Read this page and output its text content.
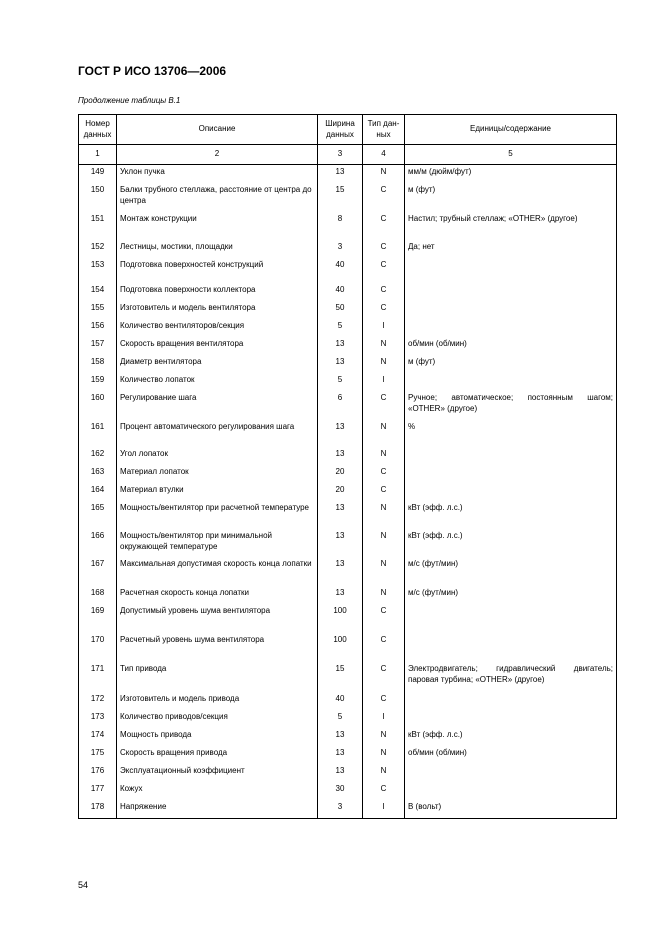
ГОСТ Р ИСО 13706—2006
Продолжение таблицы В.1
Номер данных	Описание	Ширина данных	Тип данных	Единицы/содержание
1	2	3	4	5
149	Уклон пучка	13	N	мм/м (дюйм/фут)
150	Балки трубного стеллажа, расстояние от центра до центра	15	C	м (фут)
151	Монтаж конструкции	8	C	Настил; трубный стеллаж; «OTHER» (другое)
152	Лестницы, мостики, площадки	3	C	Да; нет
153	Подготовка поверхностей конструкций	40	C	
154	Подготовка поверхности коллектора	40	C	
155	Изготовитель и модель вентилятора	50	C	
156	Количество вентиляторов/секция	5	I	
157	Скорость вращения вентилятора	13	N	об/мин (об/мин)
158	Диаметр вентилятора	13	N	м (фут)
159	Количество лопаток	5	I	
160	Регулирование шага	6	C	Ручное; автоматическое; постоянным шагом; «OTHER» (другое)
161	Процент автоматического регулирования шага	13	N	%
162	Угол лопаток	13	N	
163	Материал лопаток	20	C	
164	Материал втулки	20	C	
165	Мощность/вентилятор при расчетной температуре	13	N	кВт (эфф. л.с.)
166	Мощность/вентилятор при минимальной окружающей температуре	13	N	кВт (эфф. л.с.)
167	Максимальная допустимая скорость конца лопатки	13	N	м/с (фут/мин)
168	Расчетная скорость конца лопатки	13	N	м/с (фут/мин)
169	Допустимый уровень шума вентилятора	100	C	
170	Расчетный уровень шума вентилятора	100	C	
171	Тип привода	15	C	Электродвигатель; гидравлический двигатель; паровая турбина; «OTHER» (другое)
172	Изготовитель и модель привода	40	C	
173	Количество приводов/секция	5	I	
174	Мощность привода	13	N	кВт (эфф. л.с.)
175	Скорость вращения привода	13	N	об/мин (об/мин)
176	Эксплуатационный коэффициент	13	N	
177	Кожух	30	C	
178	Напряжение	3	I	В (вольт)
54
